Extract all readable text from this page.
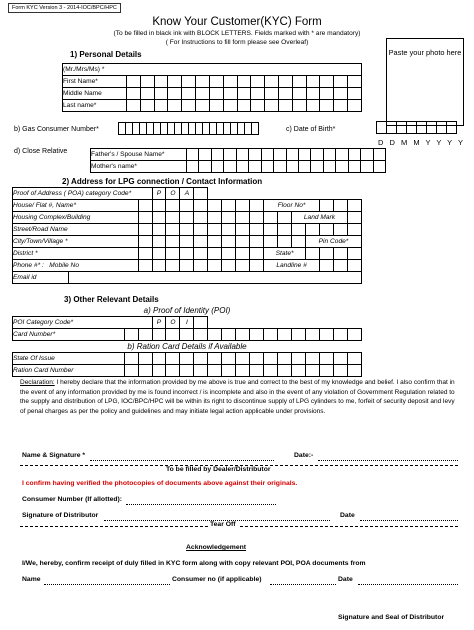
Form KYC Version 3 - 2014-IOC/BPC/HPC
Know Your Customer(KYC) Form
(To be filled in black ink with BLOCK LETTERS. Fields marked with * are mandatory)
( For Instructions to fill form please see Overleaf)
Paste your photo here
1) Personal Details
(Mr./Mrs/Ms) *																	
First Name*																	
Middle Name																	
Last name*																	
b) Gas Consumer Number*	c) Date of Birth*
D D M M Y Y Y Y
d) Close Relative	Father's / Spouse Name*																
Mother's name*																
2) Address for LPG connection / Contact Information
Proof of Address ( POA) category Code*			P	O	A												
House/ Flat #, Name*											Floor No*						
Housing Complex/Building													Land Mark				
Street/Road Name																	
City/Town/Village *														Pin Code*			
District *											State*						
Phone #* : Mobile No											Landline #						
Email id																	
3) Other Relevant Details
a) Proof of Identity (POI)																	
POI Category Code*			P	O	I												
Card Number*																	
b) Ration Card Details if Available																	
State Of Issue																	
Ration Card Number																	
Declaration: I hereby declare that the information provided by me above is true and correct to the best of my knowledge and belief. I also confirm that in the event of any information provided by me is found incorrect / is incomplete and also in the event of any violation of Government Regulation related to the supply and distribution of LPG, IOC/BPC/HPC will be within its right to discontinue supply of LPG cylinders to me, forfeit of security deposit and levy of penal charges as per the policy and guidelines and may initiate legal action applicable under provisions.
Name & Signature *	Date:-
To be filled by Dealer/Distributor
I confirm having verified the photocopies of documents above against their originals.
Consumer Number (If allotted):
Signature of Distributor	Date
Tear Off
Acknowledgement
I/We, hereby, confirm receipt of duly filled in KYC form along with copy relevant POI, POA documents from
Name	Consumer no (if applicable)	Date
Signature and Seal of Distributor
